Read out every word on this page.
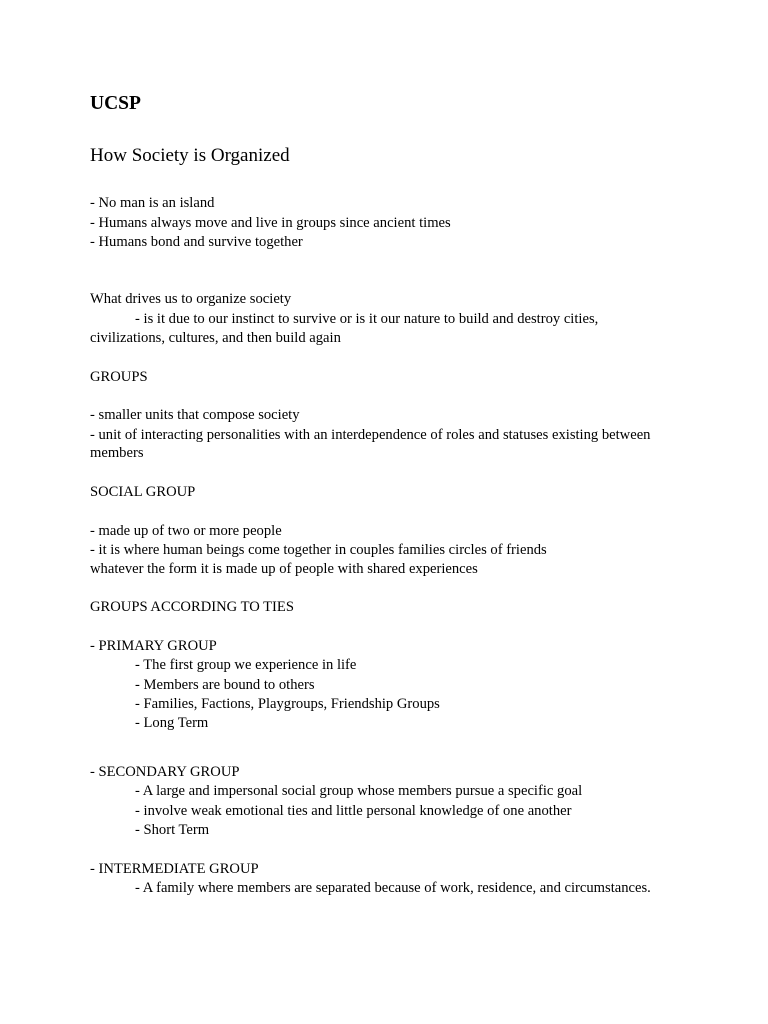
UCSP
How Society is Organized
- No man is an island
- Humans always move and live in groups since ancient times
- Humans bond and survive together
What drives us to organize society
- is it due to our instinct to survive or is it our nature to build and destroy cities,
civilizations, cultures, and then build again
GROUPS
- smaller units that compose society
- unit of interacting personalities with an interdependence of roles and statuses existing between
members
SOCIAL GROUP
- made up of two or more people
- it is where human beings come together in couples families circles of friends
whatever the form it is made up of people with shared experiences
GROUPS ACCORDING TO TIES
- PRIMARY GROUP
- The first group we experience in life
- Members are bound to others
- Families, Factions, Playgroups, Friendship Groups
- Long Term
- SECONDARY GROUP
- A large and impersonal social group whose members pursue a specific goal
- involve weak emotional ties and little personal knowledge of one another
- Short Term
- INTERMEDIATE GROUP
- A family where members are separated because of work, residence, and circumstances.
